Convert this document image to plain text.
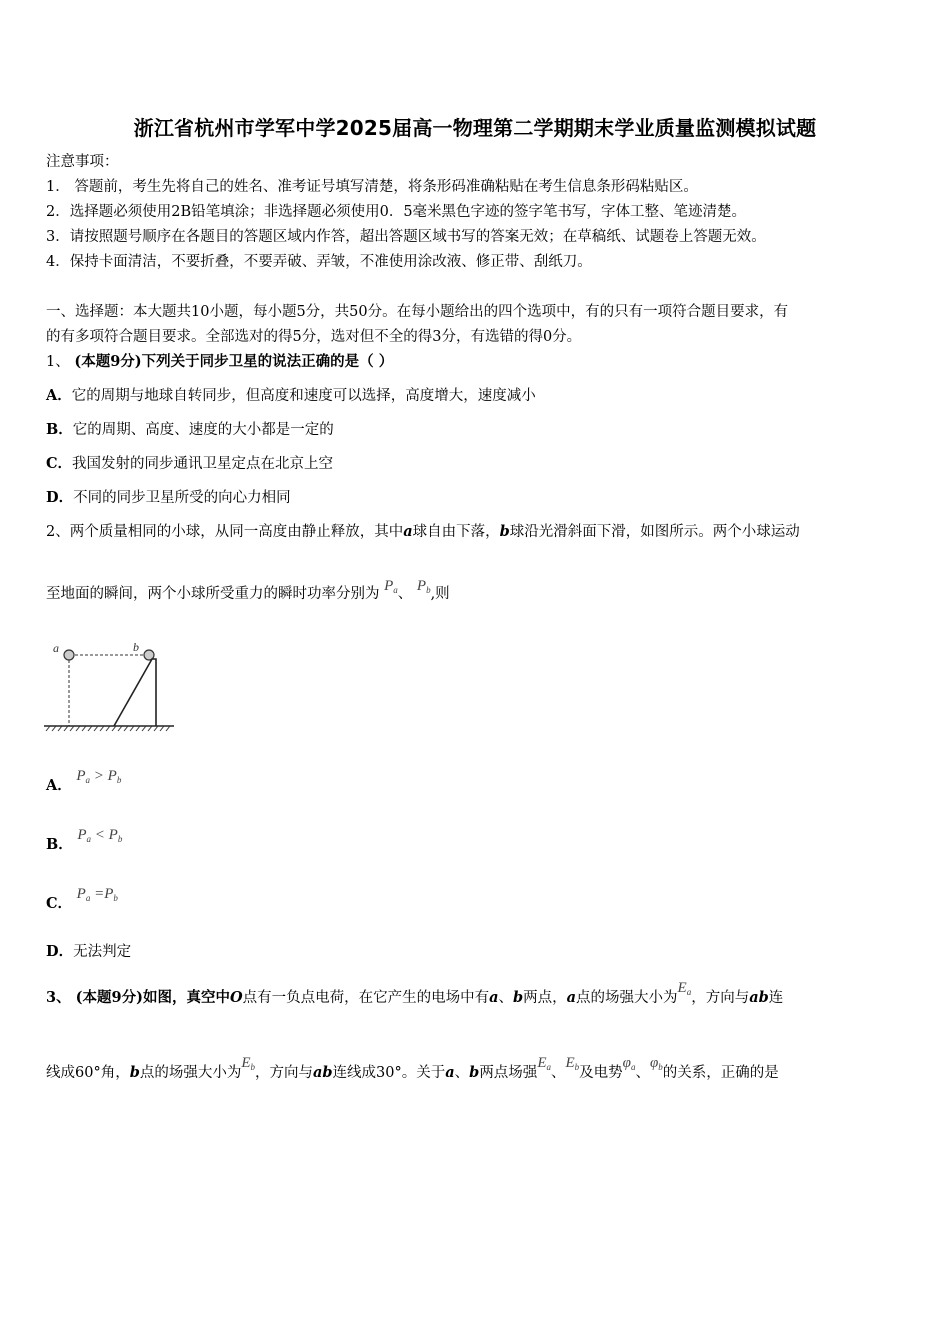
浙江省杭州市学军中学2025届高一物理第二学期期末学业质量监测模拟试题
注意事项：
1． 答题前，考生先将自己的姓名、准考证号填写清楚，将条形码准确粘贴在考生信息条形码粘贴区。
2．选择题必须使用2B铅笔填涂；非选择题必须使用0．5毫米黑色字迹的签字笔书写，字体工整、笔迹清楚。
3．请按照题号顺序在各题目的答题区域内作答，超出答题区域书写的答案无效；在草稿纸、试题卷上答题无效。
4．保持卡面清洁，不要折叠，不要弄破、弄皱，不准使用涂改液、修正带、刮纸刀。
一、选择题：本大题共10小题，每小题5分，共50分。在每小题给出的四个选项中，有的只有一项符合题目要求，有
的有多项符合题目要求。全部选对的得5分，选对但不全的得3分，有选错的得0分。
1、 (本题9分)下列关于同步卫星的说法正确的是（ ）
A．它的周期与地球自转同步，但高度和速度可以选择，高度增大，速度减小
B．它的周期、高度、速度的大小都是一定的
C．我国发射的同步通讯卫星定点在北京上空
D．不同的同步卫星所受的向心力相同
2、两个质量相同的小球，从同一高度由静止释放，其中a球自由下落，b球沿光滑斜面下滑，如图所示。两个小球运动
至地面的瞬间，两个小球所受重力的瞬时功率分别为 $P_a$、 $P_b$,则
a	b
A． $P_a > P_b$
B． $P_a < P_b$
C． $P_a =P_b$
D．无法判定
3、 (本题9分)如图，真空中O点有一负点电荷，在它产生的电场中有a、b两点，a点的场强大小为$E_a$，方向与ab连
线成60°角，b点的场强大小为$E_b$，方向与ab连线成30°。关于a、b两点场强$E_a$、$E_b$及电势$\varphi_a$、$\varphi_b$的关系，正确的是
